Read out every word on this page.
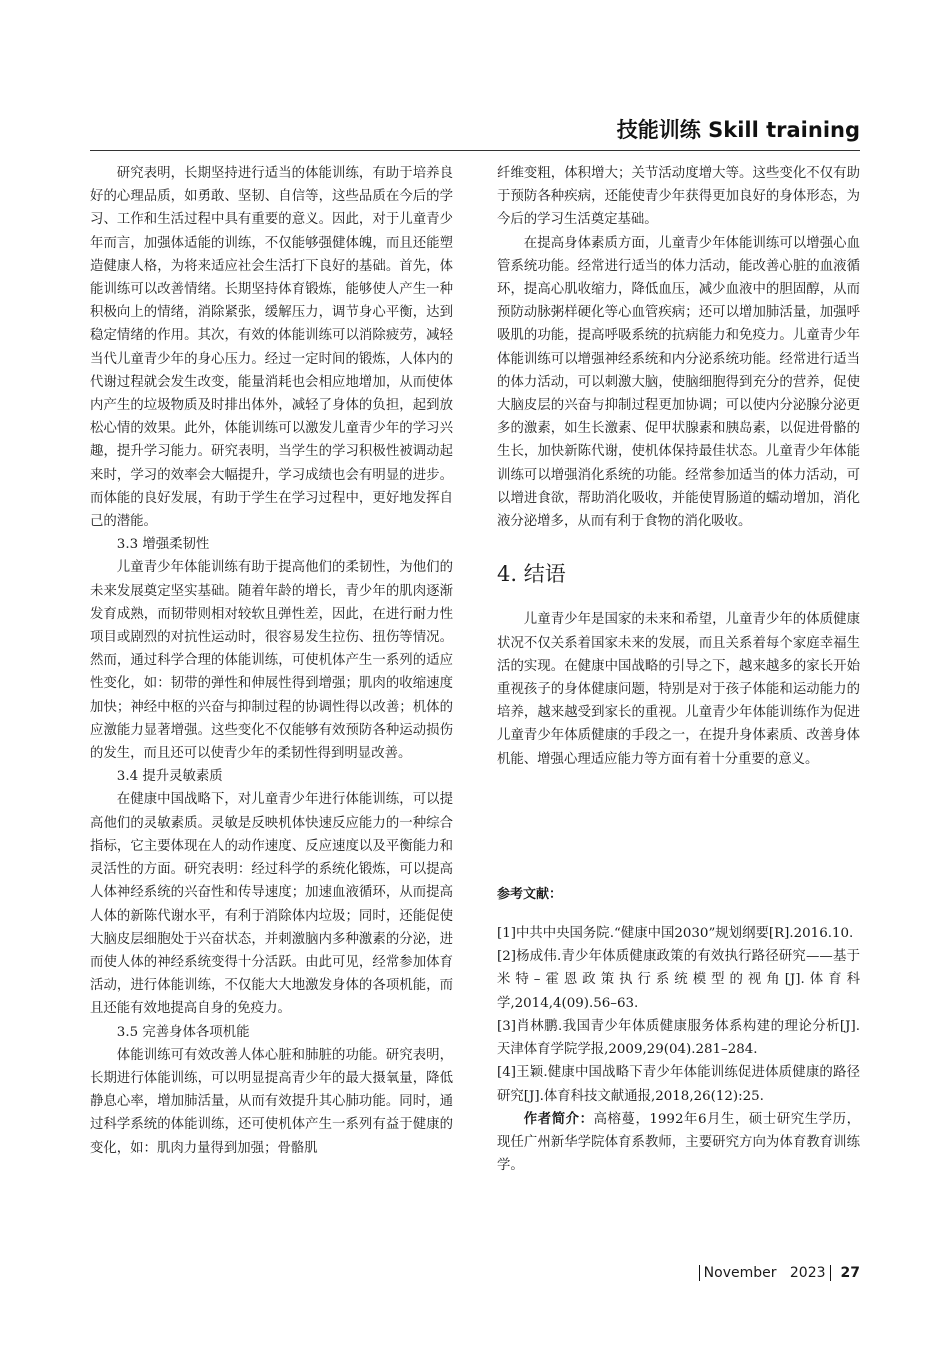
技能训练 Skill training

研究表明，长期坚持进行适当的体能训练，有助于培养良好的心理品质，如勇敢、坚韧、自信等，这些品质在今后的学习、工作和生活过程中具有重要的意义。因此，对于儿童青少年而言，加强体适能的训练，不仅能够强健体魄，而且还能塑造健康人格，为将来适应社会生活打下良好的基础。首先，体能训练可以改善情绪。长期坚持体育锻炼，能够使人产生一种积极向上的情绪，消除紧张，缓解压力，调节身心平衡，达到稳定情绪的作用。其次，有效的体能训练可以消除疲劳，减轻当代儿童青少年的身心压力。经过一定时间的锻炼，人体内的代谢过程就会发生改变，能量消耗也会相应地增加，从而使体内产生的垃圾物质及时排出体外，减轻了身体的负担，起到放松心情的效果。此外，体能训练可以激发儿童青少年的学习兴趣，提升学习能力。研究表明，当学生的学习积极性被调动起来时，学习的效率会大幅提升，学习成绩也会有明显的进步。而体能的良好发展，有助于学生在学习过程中，更好地发挥自己的潜能。

3.3 增强柔韧性

儿童青少年体能训练有助于提高他们的柔韧性，为他们的未来发展奠定坚实基础。随着年龄的增长，青少年的肌肉逐渐发育成熟，而韧带则相对较软且弹性差，因此，在进行耐力性项目或剧烈的对抗性运动时，很容易发生拉伤、扭伤等情况。然而，通过科学合理的体能训练，可使机体产生一系列的适应性变化，如：韧带的弹性和伸展性得到增强；肌肉的收缩速度加快；神经中枢的兴奋与抑制过程的协调性得以改善；机体的应激能力显著增强。这些变化不仅能够有效预防各种运动损伤的发生，而且还可以使青少年的柔韧性得到明显改善。

3.4 提升灵敏素质

在健康中国战略下，对儿童青少年进行体能训练，可以提高他们的灵敏素质。灵敏是反映机体快速反应能力的一种综合指标，它主要体现在人的动作速度、反应速度以及平衡能力和灵活性的方面。研究表明：经过科学的系统化锻炼，可以提高人体神经系统的兴奋性和传导速度；加速血液循环，从而提高人体的新陈代谢水平，有利于消除体内垃圾；同时，还能促使大脑皮层细胞处于兴奋状态，并刺激脑内多种激素的分泌，进而使人体的神经系统变得十分活跃。由此可见，经常参加体育活动，进行体能训练，不仅能大大地激发身体的各项机能，而且还能有效地提高自身的免疫力。

3.5 完善身体各项机能

体能训练可有效改善人体心脏和肺脏的功能。研究表明，长期进行体能训练，可以明显提高青少年的最大摄氧量，降低静息心率，增加肺活量，从而有效提升其心肺功能。同时，通过科学系统的体能训练，还可使机体产生一系列有益于健康的变化，如：肌肉力量得到加强；骨骼肌

纤维变粗，体积增大；关节活动度增大等。这些变化不仅有助于预防各种疾病，还能使青少年获得更加良好的身体形态，为今后的学习生活奠定基础。

在提高身体素质方面，儿童青少年体能训练可以增强心血管系统功能。经常进行适当的体力活动，能改善心脏的血液循环，提高心肌收缩力，降低血压，减少血液中的胆固醇，从而预防动脉粥样硬化等心血管疾病；还可以增加肺活量，加强呼吸肌的功能，提高呼吸系统的抗病能力和免疫力。儿童青少年体能训练可以增强神经系统和内分泌系统功能。经常进行适当的体力活动，可以刺激大脑，使脑细胞得到充分的营养，促使大脑皮层的兴奋与抑制过程更加协调；可以使内分泌腺分泌更多的激素，如生长激素、促甲状腺素和胰岛素，以促进骨骼的生长，加快新陈代谢，使机体保持最佳状态。儿童青少年体能训练可以增强消化系统的功能。经常参加适当的体力活动，可以增进食欲，帮助消化吸收，并能使胃肠道的蠕动增加，消化液分泌增多，从而有利于食物的消化吸收。

4. 结语

儿童青少年是国家的未来和希望，儿童青少年的体质健康状况不仅关系着国家未来的发展，而且关系着每个家庭幸福生活的实现。在健康中国战略的引导之下，越来越多的家长开始重视孩子的身体健康问题，特别是对于孩子体能和运动能力的培养，越来越受到家长的重视。儿童青少年体能训练作为促进儿童青少年体质健康的手段之一，在提升身体素质、改善身体机能、增强心理适应能力等方面有着十分重要的意义。

参考文献：

[1]中共中央国务院.“健康中国2030”规划纲要[R].2016.10.

[2]杨成伟.青少年体质健康政策的有效执行路径研究——基于米特–霍恩政策执行系统模型的视角[J].体育科学,2014,4(09).56–63.

[3]肖林鹏.我国青少年体质健康服务体系构建的理论分析[J].天津体育学院学报,2009,29(04).281–284.

[4]王颖.健康中国战略下青少年体能训练促进体质健康的路径研究[J].体育科技文献通报,2018,26(12):25.

作者简介：高榕蔓，1992年6月生，硕士研究生学历，现任广州新华学院体育系教师，主要研究方向为体育教育训练学。

November 2023 27
